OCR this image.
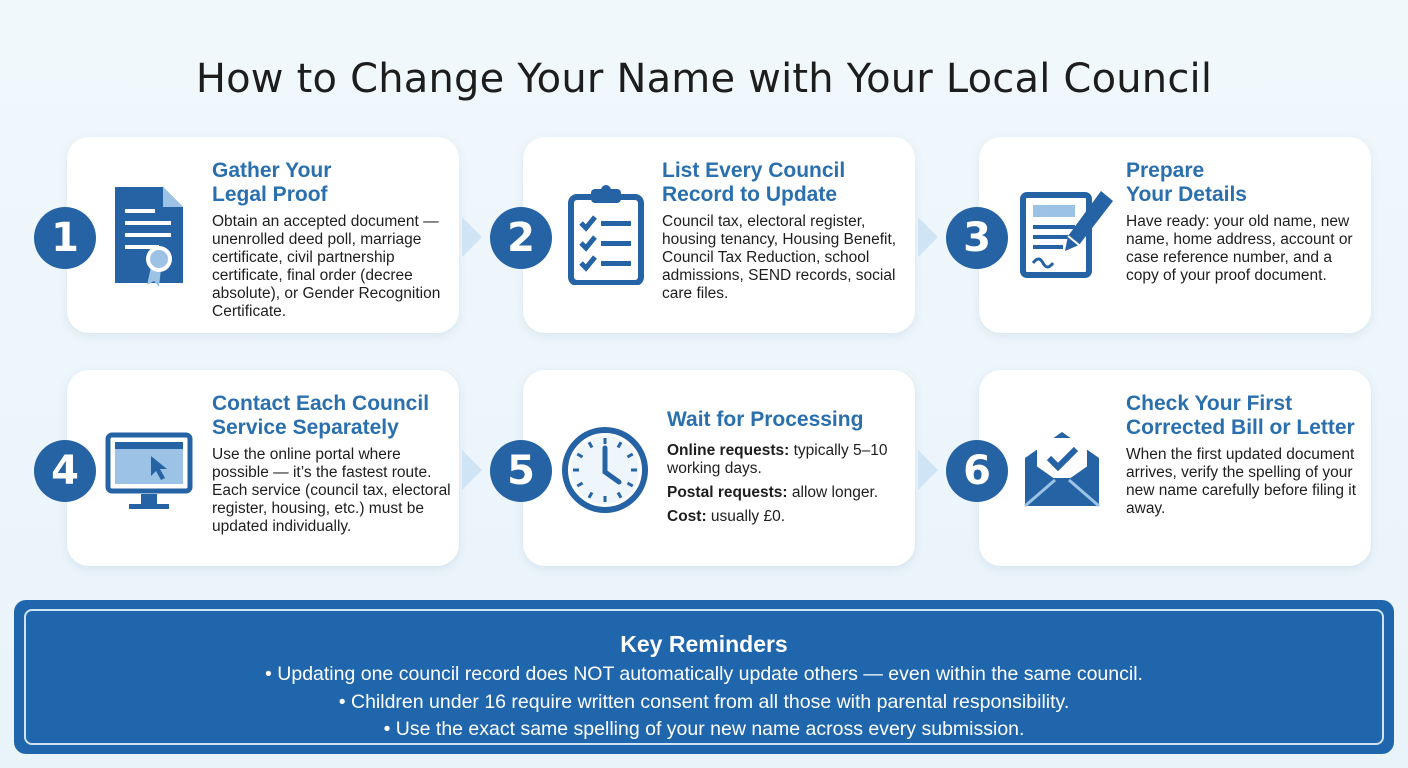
How to Change Your Name with Your Local Council
Gather Your
Legal Proof
Obtain an accepted document — unenrolled deed poll, marriage certificate, civil partnership certificate, final order (decree absolute), or Gender Recognition Certificate.
1
List Every Council
Record to Update
Council tax, electoral register, housing tenancy, Housing Benefit, Council Tax Reduction, school admissions, SEND records, social care files.
2
Prepare
Your Details
Have ready: your old name, new name, home address, account or case reference number, and a copy of your proof document.
3
Contact Each Council
Service Separately
Use the online portal where possible — it’s the fastest route. Each service (council tax, electoral register, housing, etc.) must be updated individually.
4
Wait for Processing

Online requests: typically 5–10 working days.

Postal requests: allow longer.

Cost: usually £0.

5
Check Your First
Corrected Bill or Letter
When the first updated document arrives, verify the spelling of your new name carefully before filing it away.
6
Key Reminders
• Updating one council record does NOT automatically update others — even within the same council.
• Children under 16 require written consent from all those with parental responsibility.
• Use the exact same spelling of your new name across every submission.
